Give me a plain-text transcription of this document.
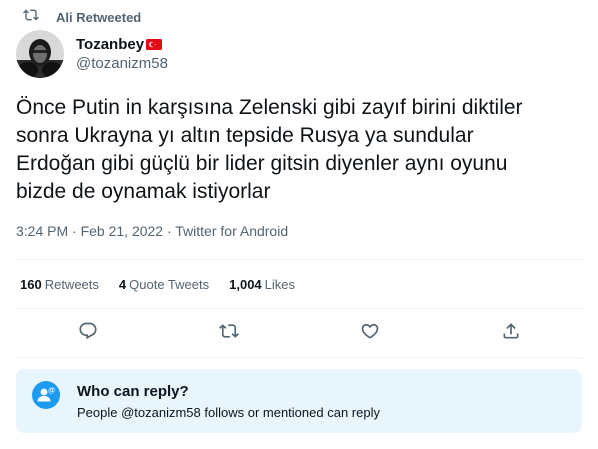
Ali Retweeted
Tozanbey
@tozanizm58
Önce Putin in karşısına Zelenski gibi zayıf birini diktiler
sonra Ukrayna yı altın tepside Rusya ya sundular
Erdoğan gibi güçlü bir lider gitsin diyenler aynı oyunu
bizde de oynamak istiyorlar
3:24 PM · Feb 21, 2022 · Twitter for Android
160 Retweets 4 Quote Tweets 1,004 Likes
@ Who can reply?
People @tozanizm58 follows or mentioned can reply
